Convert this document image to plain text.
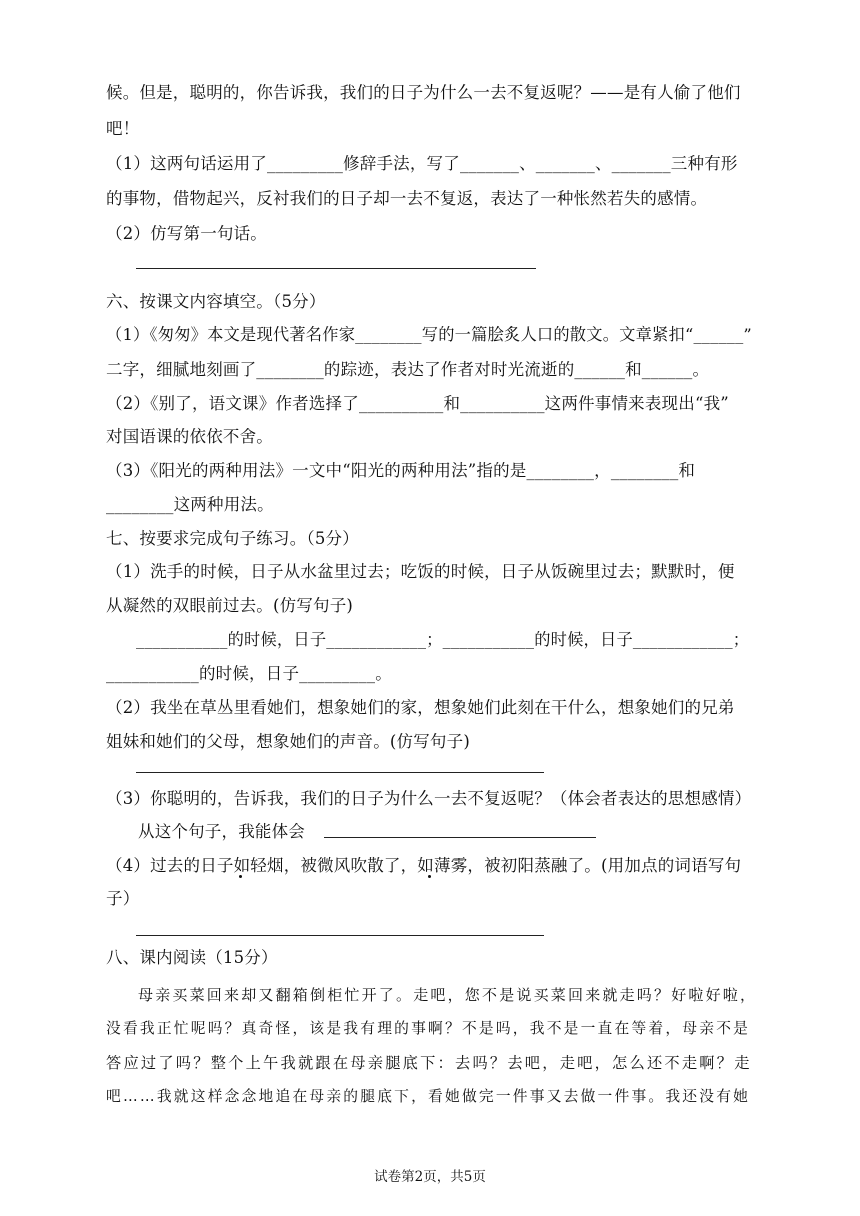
候。但是，聪明的，你告诉我，我们的日子为什么一去不复返呢？——是有人偷了他们
吧！
（1）这两句话运用了_________修辞手法，写了_______、_______、_______三种有形
的事物，借物起兴，反衬我们的日子却一去不复返，表达了一种怅然若失的感情。
（2）仿写第一句话。
六、按课文内容填空。（5分）
（1）《匆匆》本文是现代著名作家________写的一篇脍炙人口的散文。文章紧扣“______”
二字，细腻地刻画了________的踪迹，表达了作者对时光流逝的______和______。
（2）《别了，语文课》作者选择了__________和__________这两件事情来表现出“我”
对国语课的依依不舍。
（3）《阳光的两种用法》一文中“阳光的两种用法”指的是________，________和
________这两种用法。
七、按要求完成句子练习。（5分）
（1）洗手的时候，日子从水盆里过去；吃饭的时候，日子从饭碗里过去；默默时，便
从凝然的双眼前过去。(仿写句子)
___________的时候，日子____________；___________的时候，日子____________；
___________的时候，日子_________。
（2）我坐在草丛里看她们，想象她们的家，想象她们此刻在干什么，想象她们的兄弟
姐妹和她们的父母，想象她们的声音。(仿写句子)
（3）你聪明的，告诉我，我们的日子为什么一去不复返呢？（体会者表达的思想感情）
从这个句子，我能体会
（4）过去的日子如轻烟，被微风吹散了，如薄雾，被初阳蒸融了。(用加点的词语写句
子）
八、课内阅读（15分）
母亲买菜回来却又翻箱倒柜忙开了。走吧，您不是说买菜回来就走吗？好啦好啦，
没看我正忙呢吗？真奇怪，该是我有理的事啊？不是吗，我不是一直在等着，母亲不是
答应过了吗？整个上午我就跟在母亲腿底下：去吗？去吧，走吧，怎么还不走啊？走
吧……我就这样念念地追在母亲的腿底下，看她做完一件事又去做一件事。我还没有她
试卷第2页，共5页
